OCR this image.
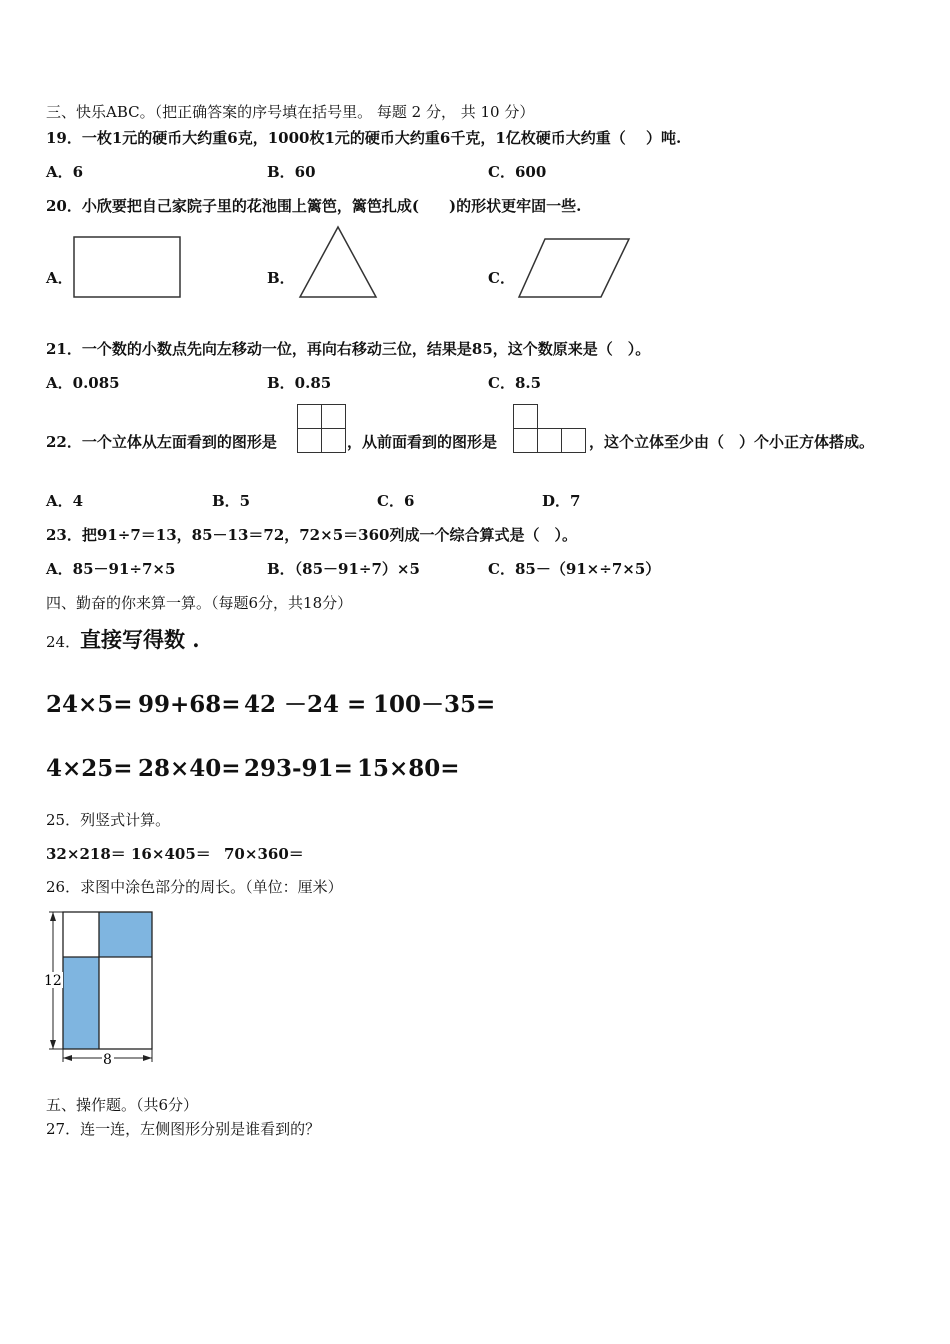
三、快乐ABC。（把正确答案的序号填在括号里。 每题 2 分， 共 10 分）
19．一枚1元的硬币大约重6克，1000枚1元的硬币大约重6千克，1亿枚硬币大约重（　 ）吨.
A．6	B．60	C．600
20．小欣要把自己家院子里的花池围上篱笆，篱笆扎成(　　)的形状更牢固一些.
A．	B．	C．
21．一个数的小数点先向左移动一位，再向右移动三位，结果是85，这个数原来是（　）。
A．0.085	B．0.85	C．8.5
22．一个立体从左面看到的图形是	，从前面看到的图形是	，这个立体至少由（　）个小正方体搭成。
A．4	B．5	C．6	D．7
23．把91÷7＝13，85－13＝72，72×5＝360列成一个综合算式是（　）。
A．85－91÷7×5	B．（85－91÷7）×5	C．85－（91×÷7×5）
四、勤奋的你来算一算。（每题6分，共18分）
24． 直接写得数 .
24×5= 99+68= 42 －24 = 100－35=
4×25= 28×40= 293-91= 15×80=
25．列竖式计算。
32×218＝ 16×405＝ 70×360＝
26．求图中涂色部分的周长。（单位：厘米）
12
8
五、操作题。（共6分）
27．连一连，左侧图形分别是谁看到的？
